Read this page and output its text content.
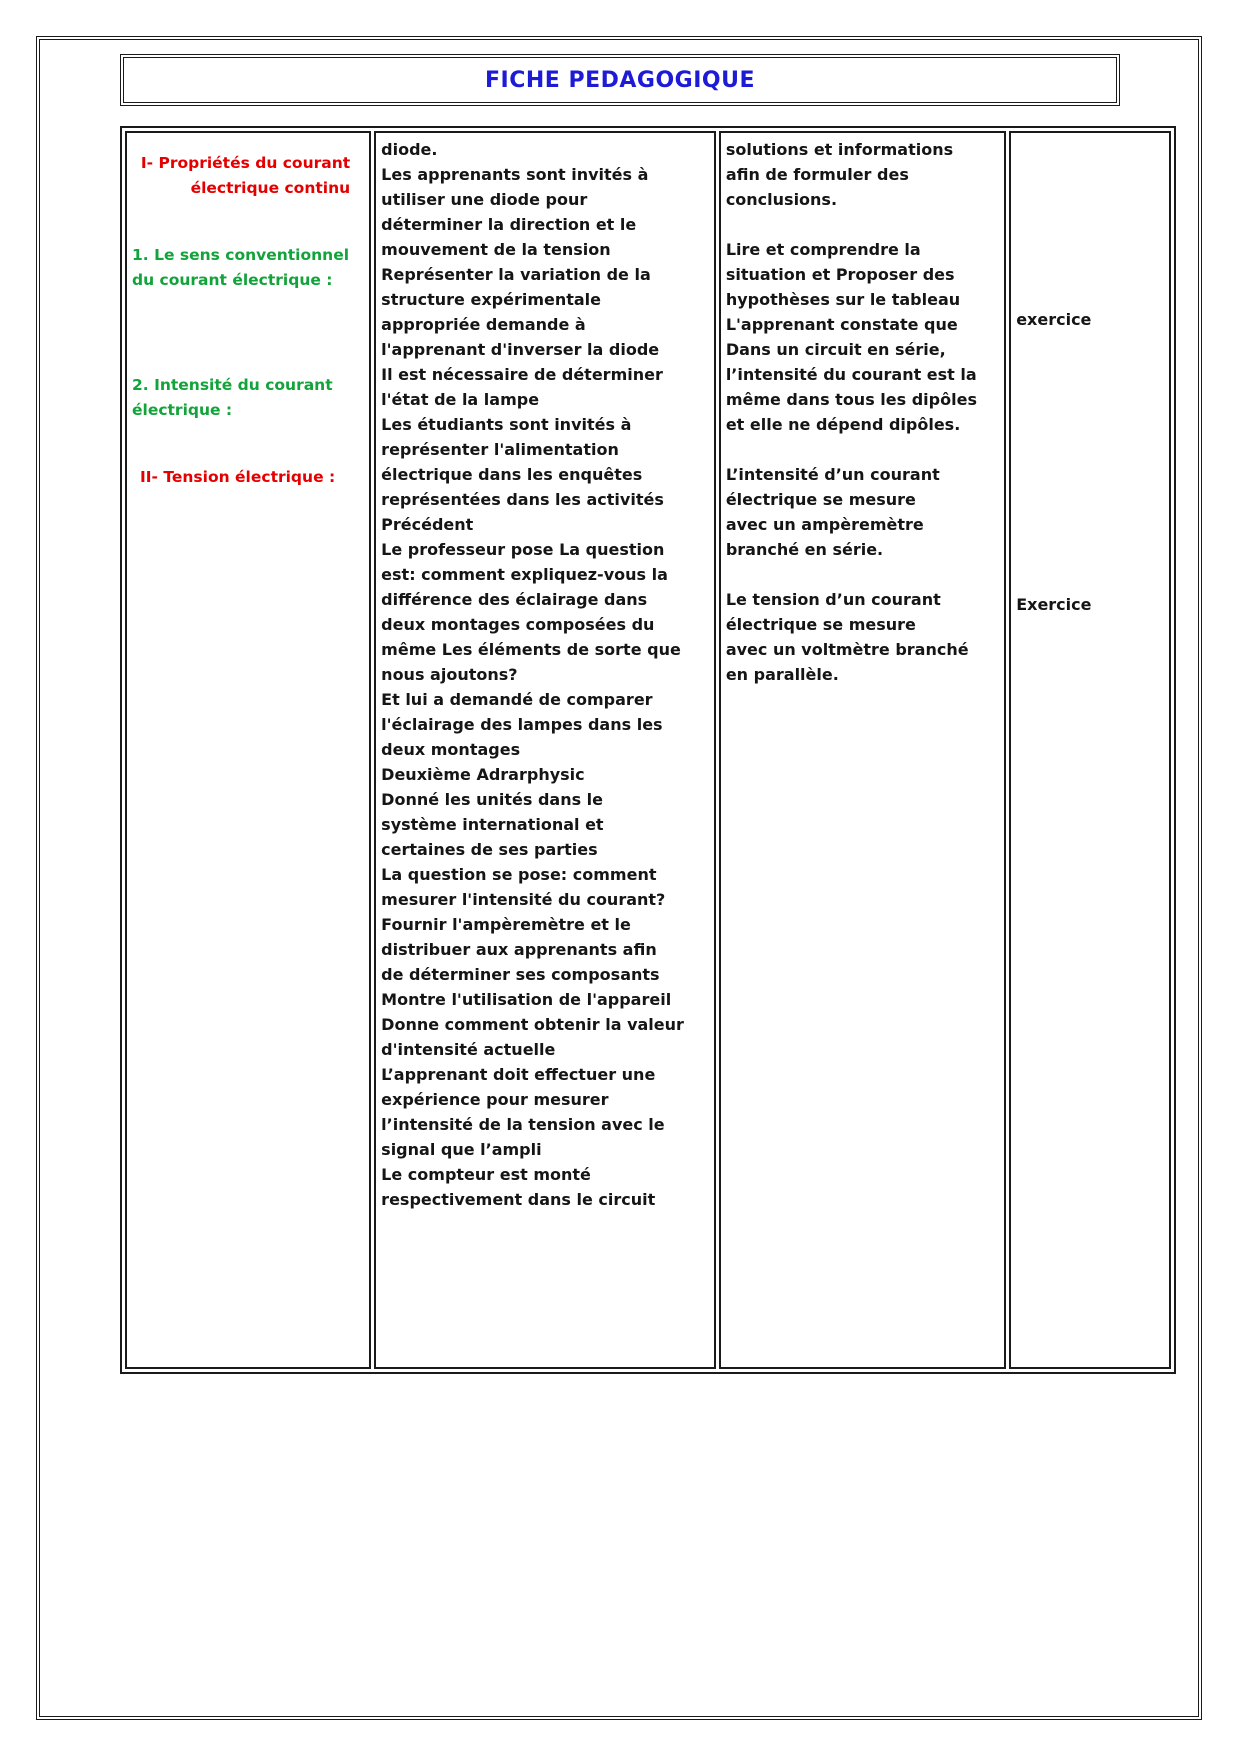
FICHE PEDAGOGIQUE
I- Propriétés du courant
électrique continu
1. Le sens conventionnel du courant électrique :
2. Intensité du courant électrique :
II- Tension électrique :

diode.
Les apprenants sont invités à
utiliser une diode pour
déterminer la direction et le
mouvement de la tension
Représenter la variation de la
structure expérimentale
appropriée demande à
l'apprenant d'inverser la diode
Il est nécessaire de déterminer
l'état de la lampe
Les étudiants sont invités à
représenter l'alimentation
électrique dans les enquêtes
représentées dans les activités
Précédent
Le professeur pose La question
est: comment expliquez-vous la
différence des éclairage dans
deux montages composées du
même Les éléments de sorte que
nous ajoutons?
Et lui a demandé de comparer
l'éclairage des lampes dans les
deux montages
Deuxième Adrarphysic
Donné les unités dans le
système international et
certaines de ses parties
La question se pose: comment
mesurer l'intensité du courant?
Fournir l'ampèremètre et le
distribuer aux apprenants afin
de déterminer ses composants
Montre l'utilisation de l'appareil
Donne comment obtenir la valeur
d'intensité actuelle
L’apprenant doit effectuer une
expérience pour mesurer
l’intensité de la tension avec le
signal que l’ampli
Le compteur est monté
respectivement dans le circuit

solutions et informations
afin de formuler des
conclusions.

Lire et comprendre la
situation et Proposer des
hypothèses sur le tableau
L'apprenant constate que
Dans un circuit en série,
l’intensité du courant est la
même dans tous les dipôles
et elle ne dépend dipôles.

L’intensité d’un courant
électrique se mesure
avec un ampèremètre
branché en série.

Le tension d’un courant
électrique se mesure
avec un voltmètre branché
en parallèle.

exercice

Exercice
